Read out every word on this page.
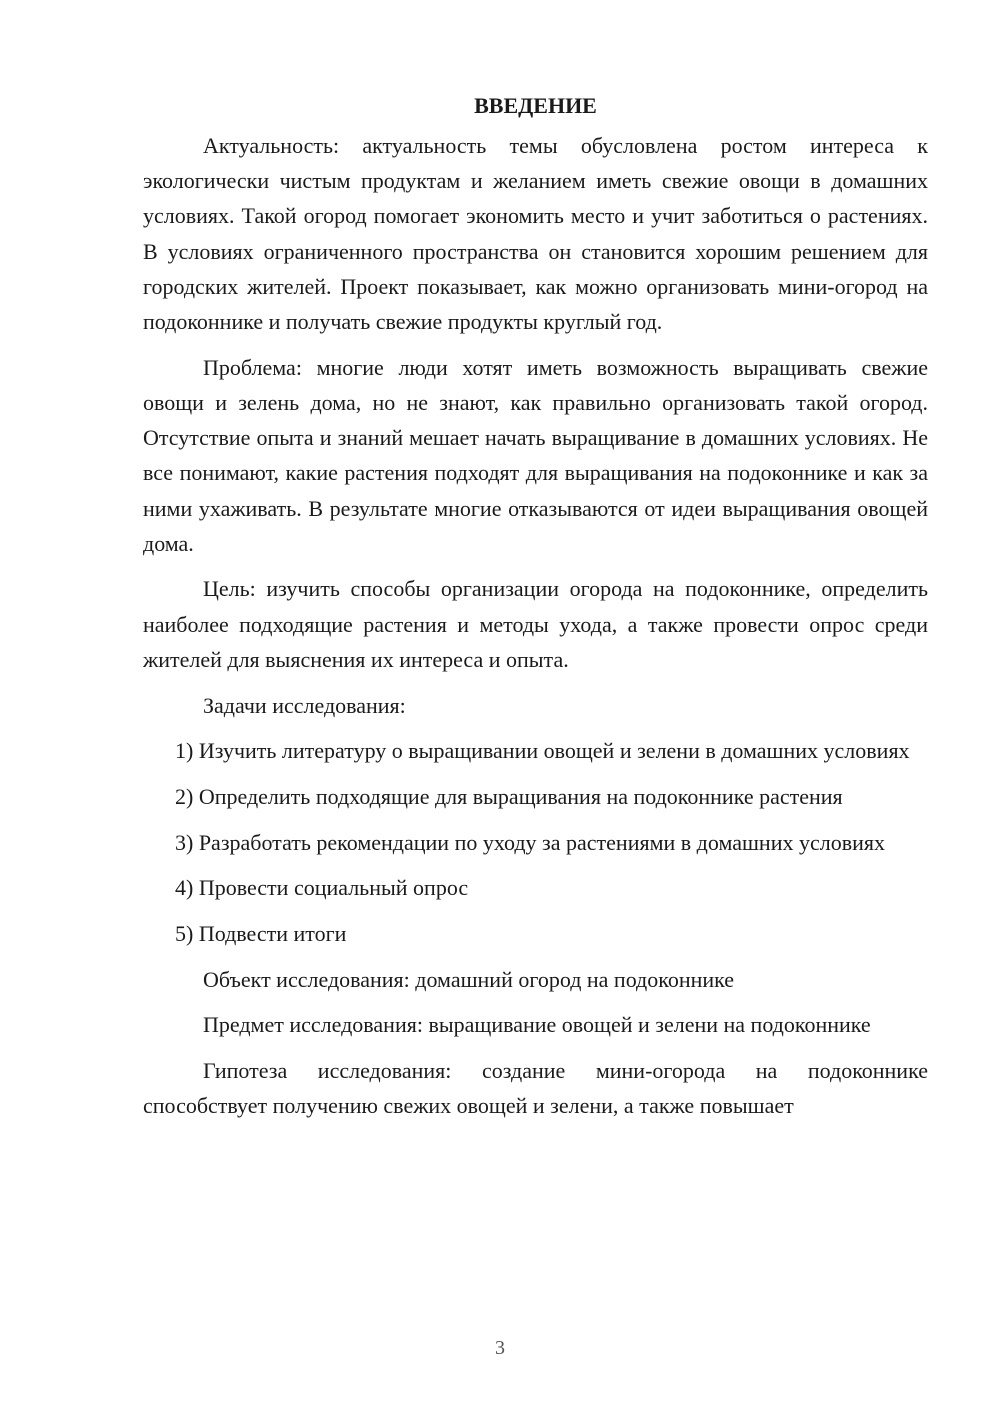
ВВЕДЕНИЕ

Актуальность: актуальность темы обусловлена ростом интереса к экологически чистым продуктам и желанием иметь свежие овощи в домашних условиях. Такой огород помогает экономить место и учит заботиться о растениях. В условиях ограниченного пространства он становится хорошим решением для городских жителей. Проект показывает, как можно организовать мини-огород на подоконнике и получать свежие продукты круглый год.

Проблема: многие люди хотят иметь возможность выращивать свежие овощи и зелень дома, но не знают, как правильно организовать такой огород. Отсутствие опыта и знаний мешает начать выращивание в домашних условиях. Не все понимают, какие растения подходят для выращивания на подоконнике и как за ними ухаживать. В результате многие отказываются от идеи выращивания овощей дома.

Цель: изучить способы организации огорода на подоконнике, определить наиболее подходящие растения и методы ухода, а также провести опрос среди жителей для выяснения их интереса и опыта.

Задачи исследования:

1) Изучить литературу о выращивании овощей и зелени в домашних условиях

2) Определить подходящие для выращивания на подоконнике растения

3) Разработать рекомендации по уходу за растениями в домашних условиях

4) Провести социальный опрос

5) Подвести итоги

Объект исследования: домашний огород на подоконнике

Предмет исследования: выращивание овощей и зелени на подоконнике

Гипотеза исследования: создание мини-огорода на подоконнике способствует получению свежих овощей и зелени, а также повышает

3
